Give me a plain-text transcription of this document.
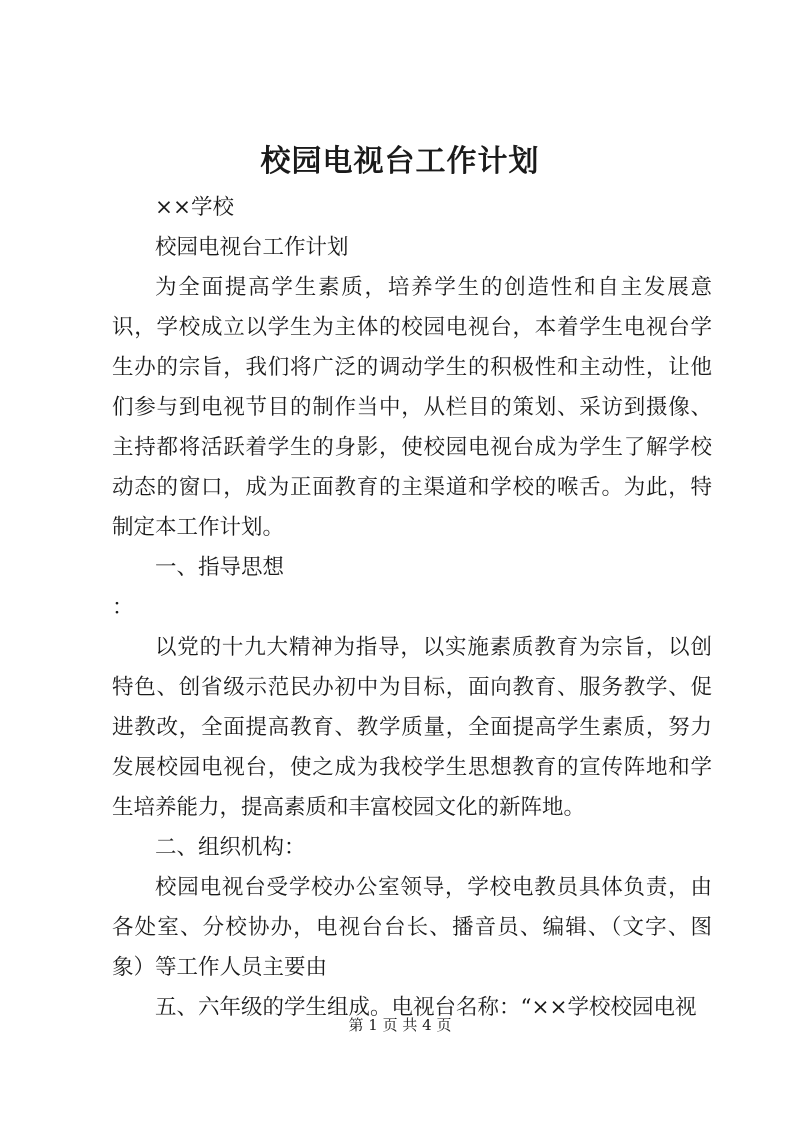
校园电视台工作计划

××学校

校园电视台工作计划

为全面提高学生素质，培养学生的创造性和自主发展意识，学校成立以学生为主体的校园电视台，本着学生电视台学生办的宗旨，我们将广泛的调动学生的积极性和主动性，让他们参与到电视节目的制作当中，从栏目的策划、采访到摄像、主持都将活跃着学生的身影，使校园电视台成为学生了解学校动态的窗口，成为正面教育的主渠道和学校的喉舌。为此，特制定本工作计划。

一、指导思想

：

以党的十九大精神为指导，以实施素质教育为宗旨，以创特色、创省级示范民办初中为目标，面向教育、服务教学、促进教改，全面提高教育、教学质量，全面提高学生素质，努力发展校园电视台，使之成为我校学生思想教育的宣传阵地和学生培养能力，提高素质和丰富校园文化的新阵地。

二、组织机构：

校园电视台受学校办公室领导，学校电教员具体负责，由各处室、分校协办，电视台台长、播音员、编辑、（文字、图象）等工作人员主要由

五、六年级的学生组成。电视台名称：“××学校校园电视

第 1 页 共 4 页
